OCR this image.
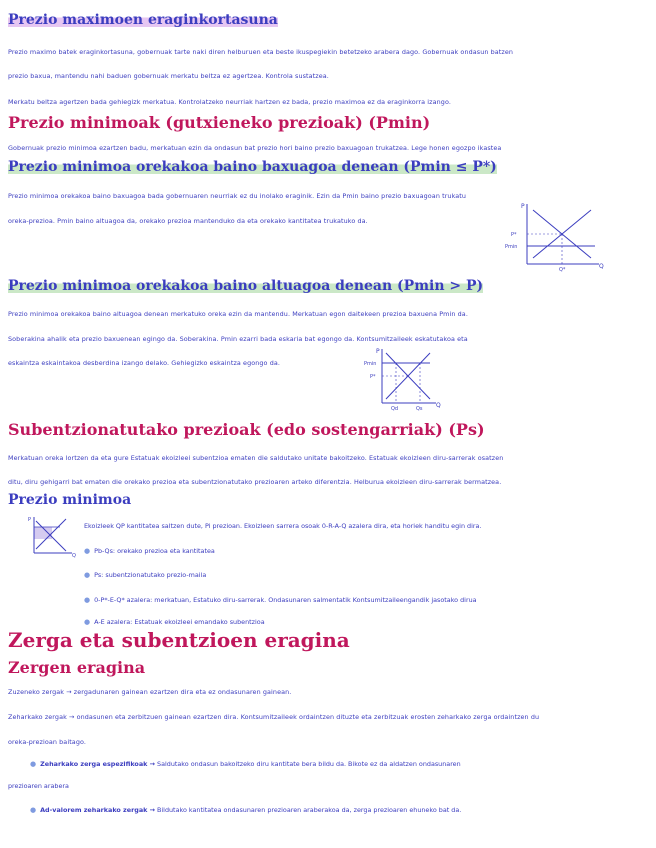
Prezio maximoen eraginkortasuna
Prezio maximo batek eraginkortasuna, gobernuak tarte naki diren helburuen eta beste ikuspegiekin betetzeko arabera dago. Gobernuak ondasun batzen
prezio baxua, mantendu nahi baduen gobernuak merkatu beltza ez agertzea. Kontrola sustatzea.
Merkatu beltza agertzen bada gehiegizk merkatua. Kontrolatzeko neurriak hartzen ez bada, prezio maximoa ez da eraginkorra izango.
Prezio minimoak (gutxieneko prezioak) (Pmin)
Gobernuak prezio minimoa ezartzen badu, merkatuan ezin da ondasun bat prezio hori baino prezio baxuagoan trukatzea. Lege honen egozpo ikastea
Prezio minimoa orekakoa baino baxuagoa denean (Pmin ≤ P*)
Prezio minimoa orekakoa baino baxuagoa bada gobernuaren neurriak ez du inolako eraginik. Ezin da Pmin baino prezio baxuagoan trukatu
oreka-prezioa. Pmin baino altuagoa da, orekako prezioa mantenduko da eta orekako kantitatea trukatuko da.
P
Q
P*
Pmin
Q*
Prezio minimoa orekakoa baino altuagoa denean (Pmin > P)
Prezio minimoa orekakoa baino altuagoa denean merkatuko oreka ezin da mantendu. Merkatuan egon daitekeen prezioa baxuena Pmin da.
Soberakina ahalik eta prezio baxuenean egingo da. Soberakina. Pmin ezarri bada eskaria bat egongo da. Kontsumitzaileek eskatutakoa eta
eskaintza eskaintakoa desberdina izango delako. Gehiegizko eskaintza egongo da.
P
Q
Pmin
P*
Qd	Qs
Subentzionatutako prezioak (edo sostengarriak) (Ps)
Merkatuan oreka lortzen da eta gure Estatuak ekoizleei subentzioa ematen die saldutako unitate bakoitzeko. Estatuak ekoizleen diru-sarrerak osatzen
ditu, diru gehigarri bat ematen die orekako prezioa eta subentzionatutako prezioaren arteko diferentzia. Helburua ekoizleen diru-sarrerak bermatzea.
Prezio minimoa
P
Q
Ekoizleek QP kantitatea saltzen dute, Pi prezioan. Ekoizleen sarrera osoak 0-R-A-Q azalera dira, eta horiek handitu egin dira.
● Pb-Qs: orekako prezioa eta kantitatea
● Ps: subentzionatutako prezio-maila
● 0-P*-E-Q* azalera: merkatuan, Estatuko diru-sarrerak. Ondasunaren salmentatik Kontsumitzaileengandik jasotako dirua
● A-E azalera: Estatuak ekoizleei emandako subentzioa
Zerga eta subentzioen eragina
Zergen eragina
Zuzeneko zergak → zergadunaren gainean ezartzen dira eta ez ondasunaren gainean.
Zeharkako zergak → ondasunen eta zerbitzuen gainean ezartzen dira. Kontsumitzaileek ordaintzen dituzte eta zerbitzuak erosten zeharkako zerga ordaintzen du
oreka-prezioan baitago.
● Zeharkako zerga espezifikoak → Saldutako ondasun bakoitzeko diru kantitate bera bildu da. Bikote ez da aldatzen ondasunaren
prezioaren arabera
● Ad-valorem zeharkako zergak → Bildutako kantitatea ondasunaren prezioaren araberakoa da, zerga prezioaren ehuneko bat da.
